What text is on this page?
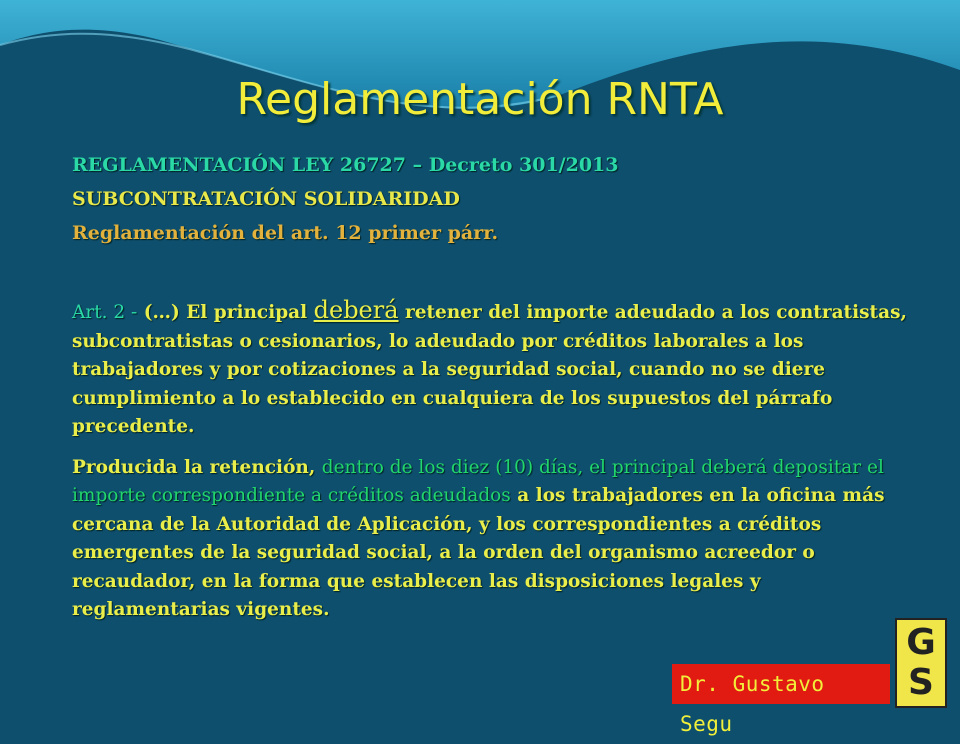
Reglamentación RNTA
REGLAMENTACIÓN LEY 26727 – Decreto 301/2013
SUBCONTRATACIÓN SOLIDARIDAD
Reglamentación del art. 12 primer párr.

Art. 2 - (…) El principal deberá retener del importe adeudado a los contratistas, subcontratistas o cesionarios, lo adeudado por créditos laborales a los trabajadores y por cotizaciones a la seguridad social, cuando no se diere cumplimiento a lo establecido en cualquiera de los supuestos del párrafo precedente.

Producida la retención, dentro de los diez (10) días, el principal deberá depositar el importe correspondiente a créditos adeudados a los trabajadores en la oficina más cercana de la Autoridad de Aplicación, y los correspondientes a créditos emergentes de la seguridad social, a la orden del organismo acreedor o recaudador, en la forma que establecen las disposiciones legales y reglamentarias vigentes.

Dr. Gustavo Segu
G
S
